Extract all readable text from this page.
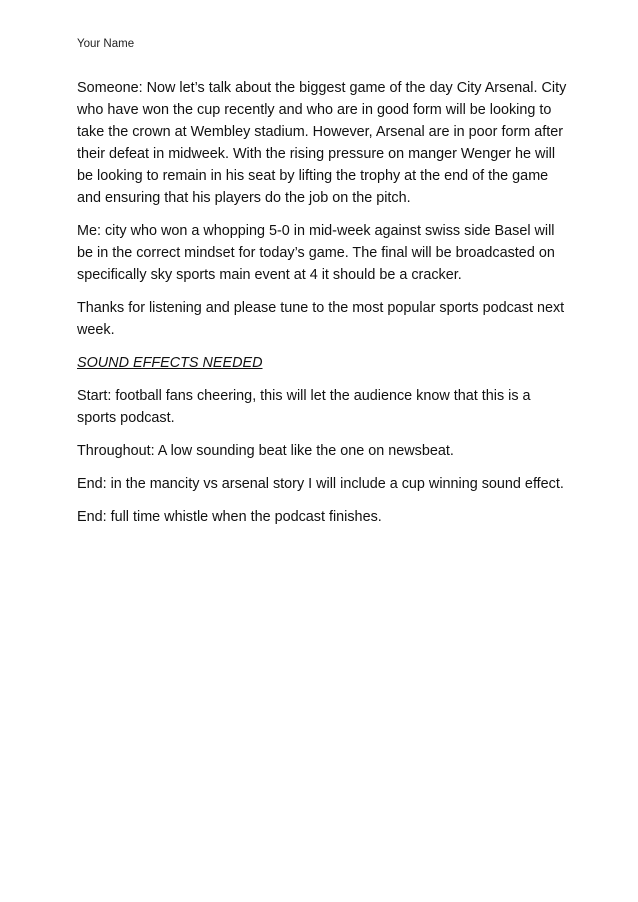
Your Name

Someone: Now let’s talk about the biggest game of the day City Arsenal. City who have won the cup recently and who are in good form will be looking to take the crown at Wembley stadium. However, Arsenal are in poor form after their defeat in midweek. With the rising pressure on manger Wenger he will be looking to remain in his seat by lifting the trophy at the end of the game and ensuring that his players do the job on the pitch.

Me: city who won a whopping 5-0 in mid-week against swiss side Basel will be in the correct mindset for today’s game. The final will be broadcasted on specifically sky sports main event at 4 it should be a cracker.

Thanks for listening and please tune to the most popular sports podcast next week.

SOUND EFFECTS NEEDED

Start: football fans cheering, this will let the audience know that this is a sports podcast.

Throughout: A low sounding beat like the one on newsbeat.

End: in the mancity vs arsenal story I will include a cup winning sound effect.

End: full time whistle when the podcast finishes.
